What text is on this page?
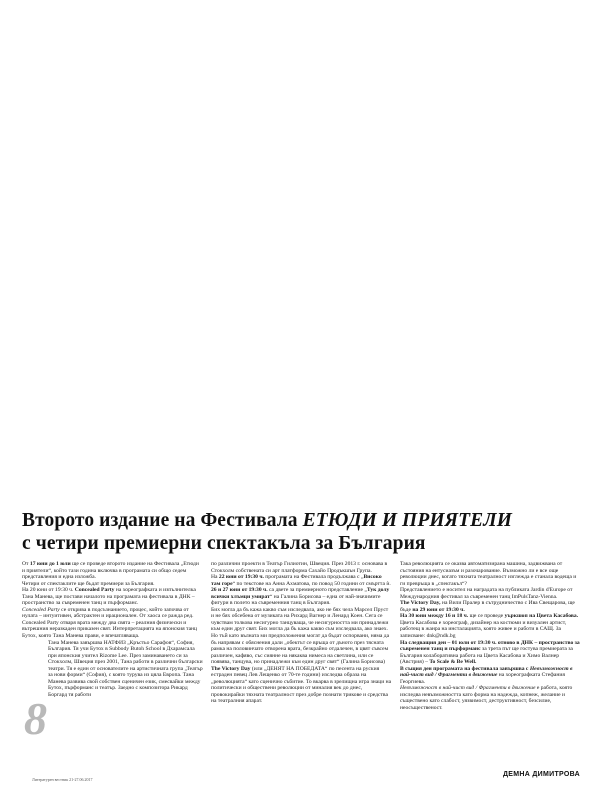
Второто издание на Фестивала ЕТЮДИ И ПРИЯТЕЛИ
с четири премиерни спектакъла за България

От 17 юни до 1 юли ще се проведе второто издание на Фестивала „Етюди и приятели“, който тази година включва в програмата си общо седем представления и една изложба.

Четири от спектаклите ще бъдат премиери за България.

На 20 юни от 19:30 ч. Concealed Party на хореографката и изпълнителка Тана Манева, ще постави началото на програмата на фестивала в ДНК – пространство за съвременен танц и пърформанс.

Concealed Party се открива в подсъзнанието, процес, който започва от нулата – интуитивен, абстрактен и ирационален. От хаоса се ражда ред. Concealed Party отваря врата между два свята – реалния физически и вътрешния неразкаден приказен свят. Интерпретацията на японския танц Бутох, която Тана Манева прави, е впечатляваща.

Тана Манева завършва НАТФИЗ „Кръстьо Сарафов“, София, България. Тя учи Бутох в Subbody Butoh School в Дхарамсала при японския учител Rizome Lee. През заминаването си за Стокхолм, Швеция през 2001, Тана работи в различни български театри. Тя е един от основателите на артистичната група „Театър за нови форми“ (София), с която турува из цяла Европа. Тана Манева развива свой собствен сценичен език, смесвайки между Бутох, пърформанс и театър. Заедно с композитора Рикард Боргард тя работи

8

по различни проекти в Театър Гилиотин, Швеция. През 2013 г. основава в Стокхолм собствената си арт платформа Сахайо Продъкшън Група.

На 22 юни от 19:30 ч. програмата на Фестивала продължава с „Високо там горе“ по текстове на Анна Ахматова, по повод 50 години от смъртта ѝ.

26 и 27 юни от 19:30 ч. са двете за премиерното представление „Тук долу всички хлъмци умират“ на Галина Борисова – една от най-значимите фигури в полето на съвременния танц в България.

Бих могла да бъ кажа какво съм изследвала, ако не бях чела Марсел Пруст и не бях обсебена от музиката на Рихард Вагнер и Ленард Коен. Сега се чувствам толкова несигурно танцуваща, че несигурността ми принадлежи към един друг свят. Бих могла да бъ кажа какво съм изследвала, ако знаех. Но тъй като вълната ми предположения могат да бъдат оспорвани, няма да бъ напрявам с обяснения дали „обектът се връща от дъното през тясната рамка на половинчато отворена врата, безкрайно отдалечен, в цвят съвсем различен, кафяво, със сиянне на някаква нимеса на светлина, или се появява, танцува, но принадлежи към един друг свят“ (Галина Борисова)

The Victory Day (или „ДЕНЯТ НА ПОБЕДАТА“ по песента на руския естраден певец Лев Лещенко от 70-те години) изследва образа на „революцията“ като сценично събитие. То вкарва в зрелищна игра знаци на политически и обществени революции от миналия век до днес, провокирайки тяхната театралност през добре познати трикове и средства на театралния апарат.

Така революцията се оказва автоматизирана машина, задвижвана от състояния на ентусиазъм и разочарование. Възможно ли е все още революции днес, когато тяхната театралност изглежда е станала водеща и ги превръща в „спектакъл“?

Представлението е носител на наградата на публиката Jardin d'Europe от Международния фестивал за съвременен танц ImPulsTanz-Vienna.

The Victory Day, на Вили Пралер в сътрудничество с Ива Свещарова, ще бъде на 29 юни от 19:30 ч.

На 30 юни между 16 и 18 ч. ще се проведе уъркшоп на Цвета Касабова. Цвета Касабова е хореограф, дизайнер на костюми и визуален артист, работещ в жанра на инсталацията, която живее и работи в САЩ. За записване: dnk@ndk.bg

На следващия ден – 01 юли от 19:30 ч. отново в ДНК – пространство за съвременен танц и пърформанс за трета път ще гостува премиерата за България колаборативна работа на Цвета Касабова и Химо Валнер (Австрия) – To Scale & Be Well.

В същия ден програмата на фестивала завършва с Невъзможност в най-чист вид / Фрагменти в движение на хореографката Стефания Георгиева.

Невъзможност в най-чист вид / Фрагменти в движение е работа, която изследва невъзможността като форма на надежда, копнеж, желание и съществено като слабост, уязвимост, деструктивност, безсилие, неосъщественост.

Литературен вестник 21-27.06.2017
ДЕМНА ДИМИТРОВА
